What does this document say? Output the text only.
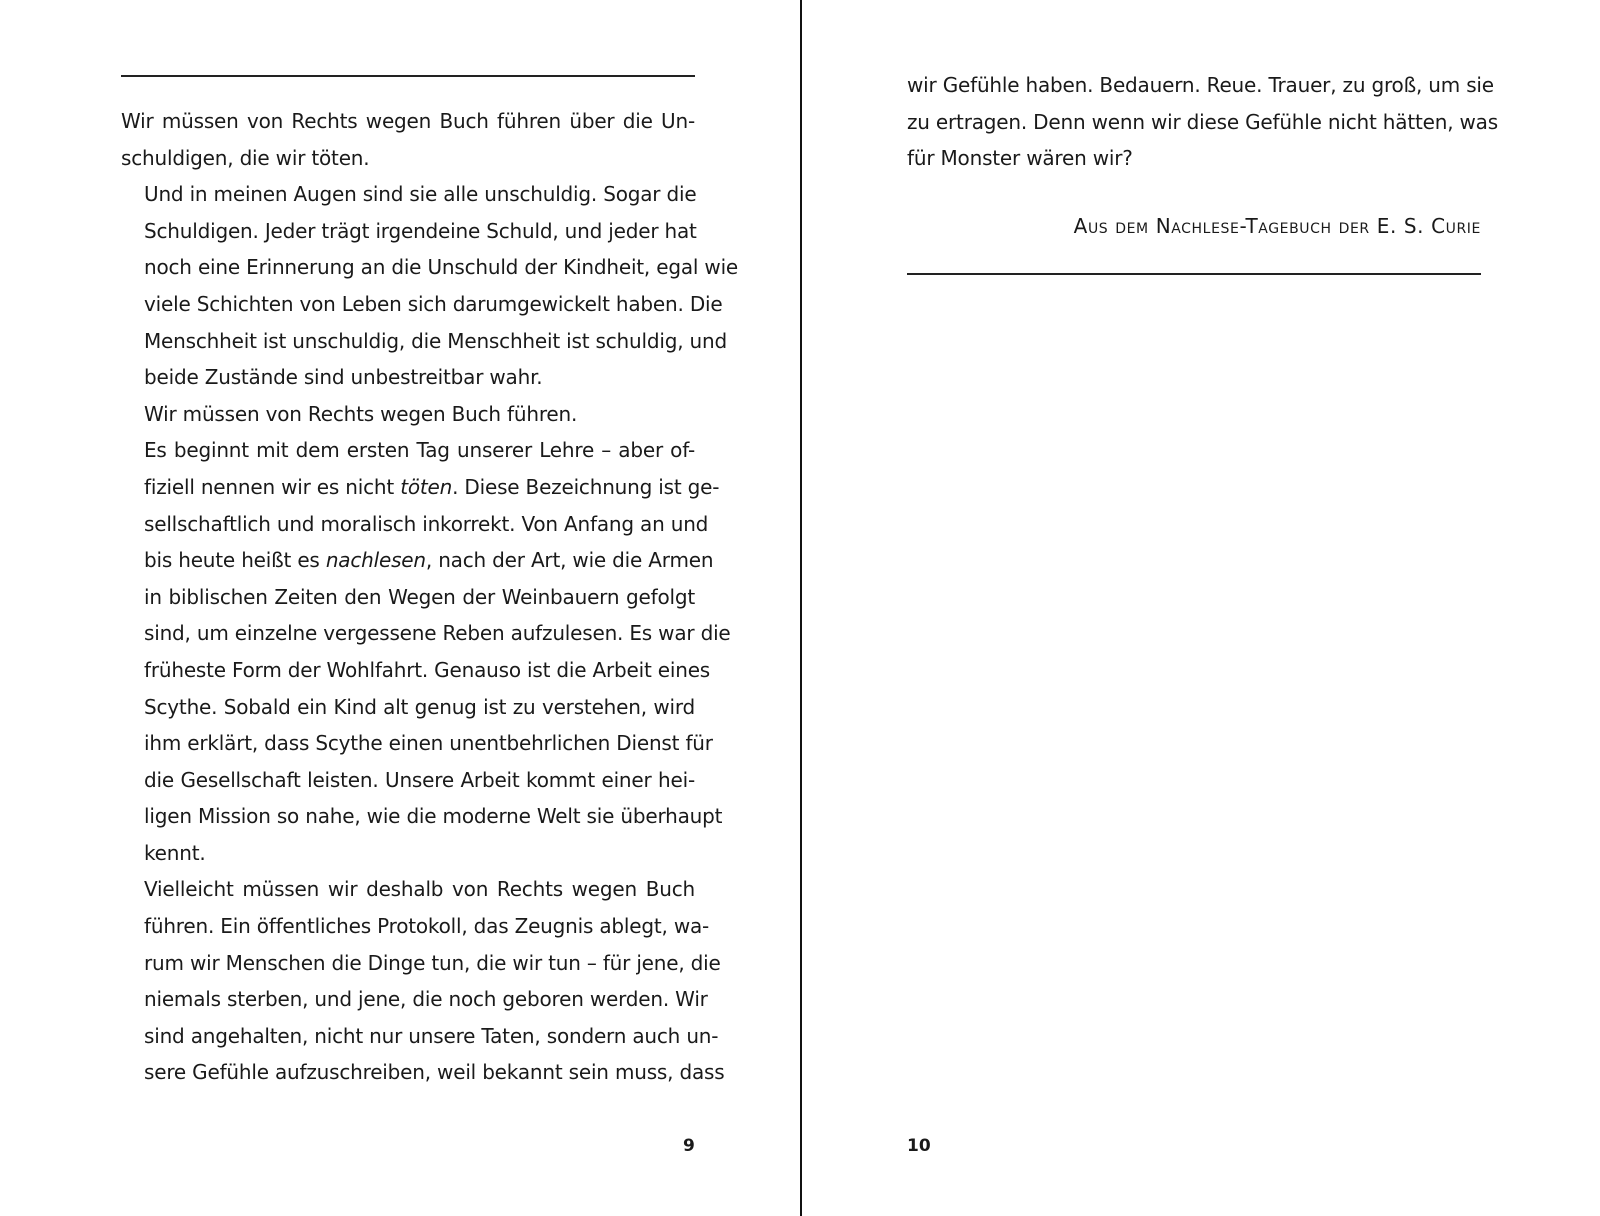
Wir müssen von Rechts wegen Buch führen über die Un-
schuldigen, die wir töten.

Und in meinen Augen sind sie alle unschuldig. Sogar die
Schuldigen. Jeder trägt irgendeine Schuld, und jeder hat
noch eine Erinnerung an die Unschuld der Kindheit, egal wie
viele Schichten von Leben sich darumgewickelt haben. Die
Menschheit ist unschuldig, die Menschheit ist schuldig, und
beide Zustände sind unbestreitbar wahr.

Wir müssen von Rechts wegen Buch führen.

Es beginnt mit dem ersten Tag unserer Lehre – aber of-
fiziell nennen wir es nicht töten. Diese Bezeichnung ist ge-
sellschaftlich und moralisch inkorrekt. Von Anfang an und
bis heute heißt es nachlesen, nach der Art, wie die Armen
in biblischen Zeiten den Wegen der Weinbauern gefolgt
sind, um einzelne vergessene Reben aufzulesen. Es war die
früheste Form der Wohlfahrt. Genauso ist die Arbeit eines
Scythe. Sobald ein Kind alt genug ist zu verstehen, wird
ihm erklärt, dass Scythe einen unentbehrlichen Dienst für
die Gesellschaft leisten. Unsere Arbeit kommt einer hei-
ligen Mission so nahe, wie die moderne Welt sie überhaupt
kennt.

Vielleicht müssen wir deshalb von Rechts wegen Buch
führen. Ein öffentliches Protokoll, das Zeugnis ablegt, wa-
rum wir Menschen die Dinge tun, die wir tun – für jene, die
niemals sterben, und jene, die noch geboren werden. Wir
sind angehalten, nicht nur unsere Taten, sondern auch un-
sere Gefühle aufzuschreiben, weil bekannt sein muss, dass

9

wir Gefühle haben. Bedauern. Reue. Trauer, zu groß, um sie
zu ertragen. Denn wenn wir diese Gefühle nicht hätten, was
für Monster wären wir?

Aus dem Nachlese-Tagebuch der E. S. Curie
10
